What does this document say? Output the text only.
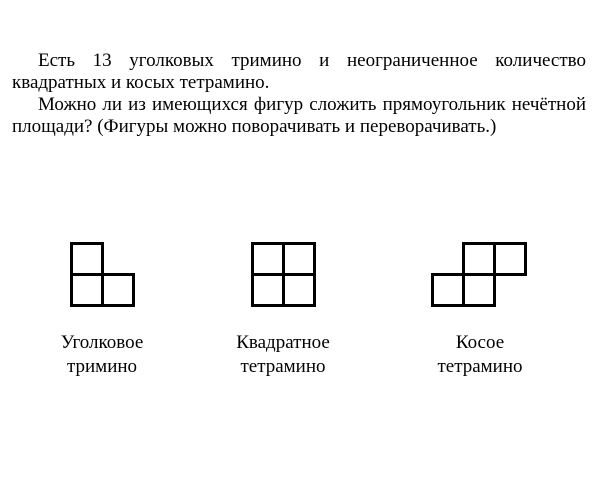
Есть 13 уголковых тримино и неограниченное количество квадратных и косых тетрамино.

Можно ли из имеющихся фигур сложить прямоугольник нечётной площади? (Фигуры можно поворачивать и переворачивать.)

Уголковое
тримино
Квадратное
тетрамино
Косое
тетрамино
